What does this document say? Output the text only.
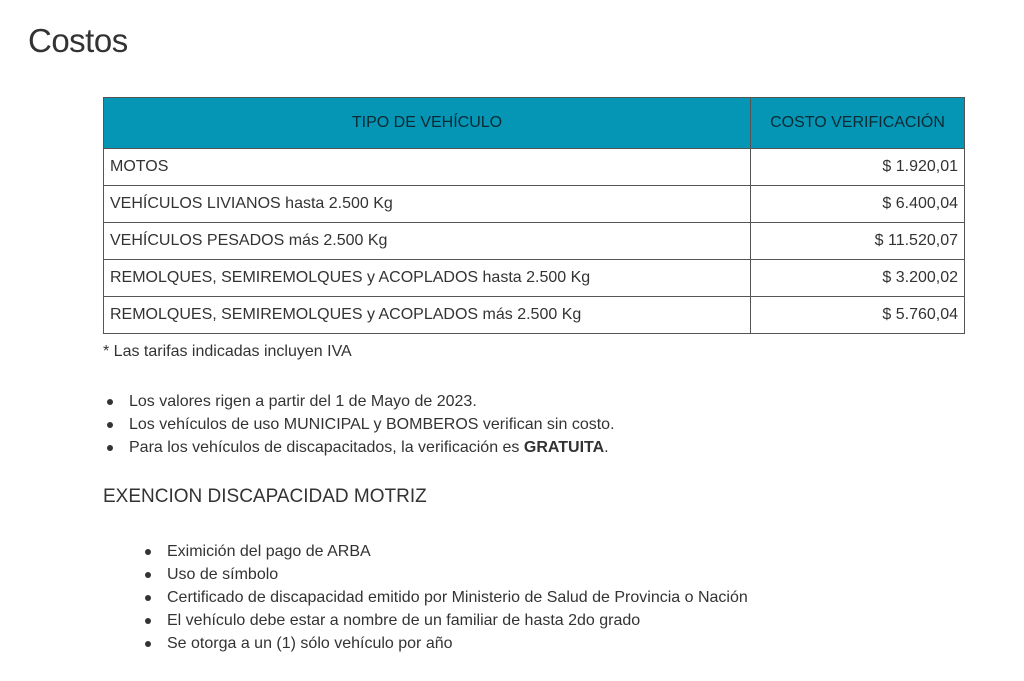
Costos
TIPO DE VEHÍCULO	COSTO VERIFICACIÓN
MOTOS	$ 1.920,01
VEHÍCULOS LIVIANOS hasta 2.500 Kg	$ 6.400,04
VEHÍCULOS PESADOS más 2.500 Kg	$ 11.520,07
REMOLQUES, SEMIREMOLQUES y ACOPLADOS hasta 2.500 Kg	$ 3.200,02
REMOLQUES, SEMIREMOLQUES y ACOPLADOS más 2.500 Kg	$ 5.760,04
* Las tarifas indicadas incluyen IVA
Los valores rigen a partir del 1 de Mayo de 2023.
Los vehículos de uso MUNICIPAL y BOMBEROS verifican sin costo.
Para los vehículos de discapacitados, la verificación es GRATUITA.
EXENCION DISCAPACIDAD MOTRIZ
Eximición del pago de ARBA
Uso de símbolo
Certificado de discapacidad emitido por Ministerio de Salud de Provincia o Nación
El vehículo debe estar a nombre de un familiar de hasta 2do grado
Se otorga a un (1) sólo vehículo por año
